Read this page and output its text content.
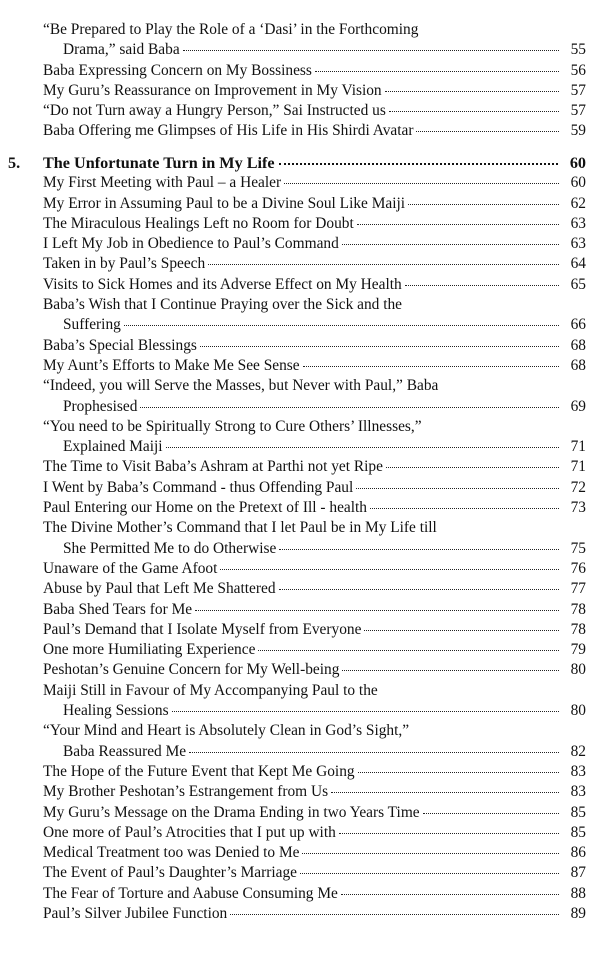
“Be Prepared to Play the Role of a ‘Dasi’ in the Forthcoming
Drama,” said Baba	55
Baba Expressing Concern on My Bossiness	56
My Guru’s Reassurance on Improvement in My Vision	57
“Do not Turn away a Hungry Person,” Sai Instructed us	57
Baba Offering me Glimpses of His Life in His Shirdi Avatar	59
5. The Unfortunate Turn in My Life	60
My First Meeting with Paul – a Healer	60
My Error in Assuming Paul to be a Divine Soul Like Maiji	62
The Miraculous Healings Left no Room for Doubt	63
I Left My Job in Obedience to Paul’s Command	63
Taken in by Paul’s Speech	64
Visits to Sick Homes and its Adverse Effect on My Health	65
Baba’s Wish that I Continue Praying over the Sick and the
Suffering	66
Baba’s Special Blessings	68
My Aunt’s Efforts to Make Me See Sense	68
“Indeed, you will Serve the Masses, but Never with Paul,” Baba
Prophesised	69
“You need to be Spiritually Strong to Cure Others’ Illnesses,”
Explained Maiji	71
The Time to Visit Baba’s Ashram at Parthi not yet Ripe	71
I Went by Baba’s Command - thus Offending Paul	72
Paul Entering our Home on the Pretext of Ill - health	73
The Divine Mother’s Command that I let Paul be in My Life till
She Permitted Me to do Otherwise	75
Unaware of the Game Afoot	76
Abuse by Paul that Left Me Shattered	77
Baba Shed Tears for Me	78
Paul’s Demand that I Isolate Myself from Everyone	78
One more Humiliating Experience	79
Peshotan’s Genuine Concern for My Well-being	80
Maiji Still in Favour of My Accompanying Paul to the
Healing Sessions	80
“Your Mind and Heart is Absolutely Clean in God’s Sight,”
Baba Reassured Me	82
The Hope of the Future Event that Kept Me Going	83
My Brother Peshotan’s Estrangement from Us	83
My Guru’s Message on the Drama Ending in two Years Time	85
One more of Paul’s Atrocities that I put up with	85
Medical Treatment too was Denied to Me	86
The Event of Paul’s Daughter’s Marriage	87
The Fear of Torture and Aabuse Consuming Me	88
Paul’s Silver Jubilee Function	89
